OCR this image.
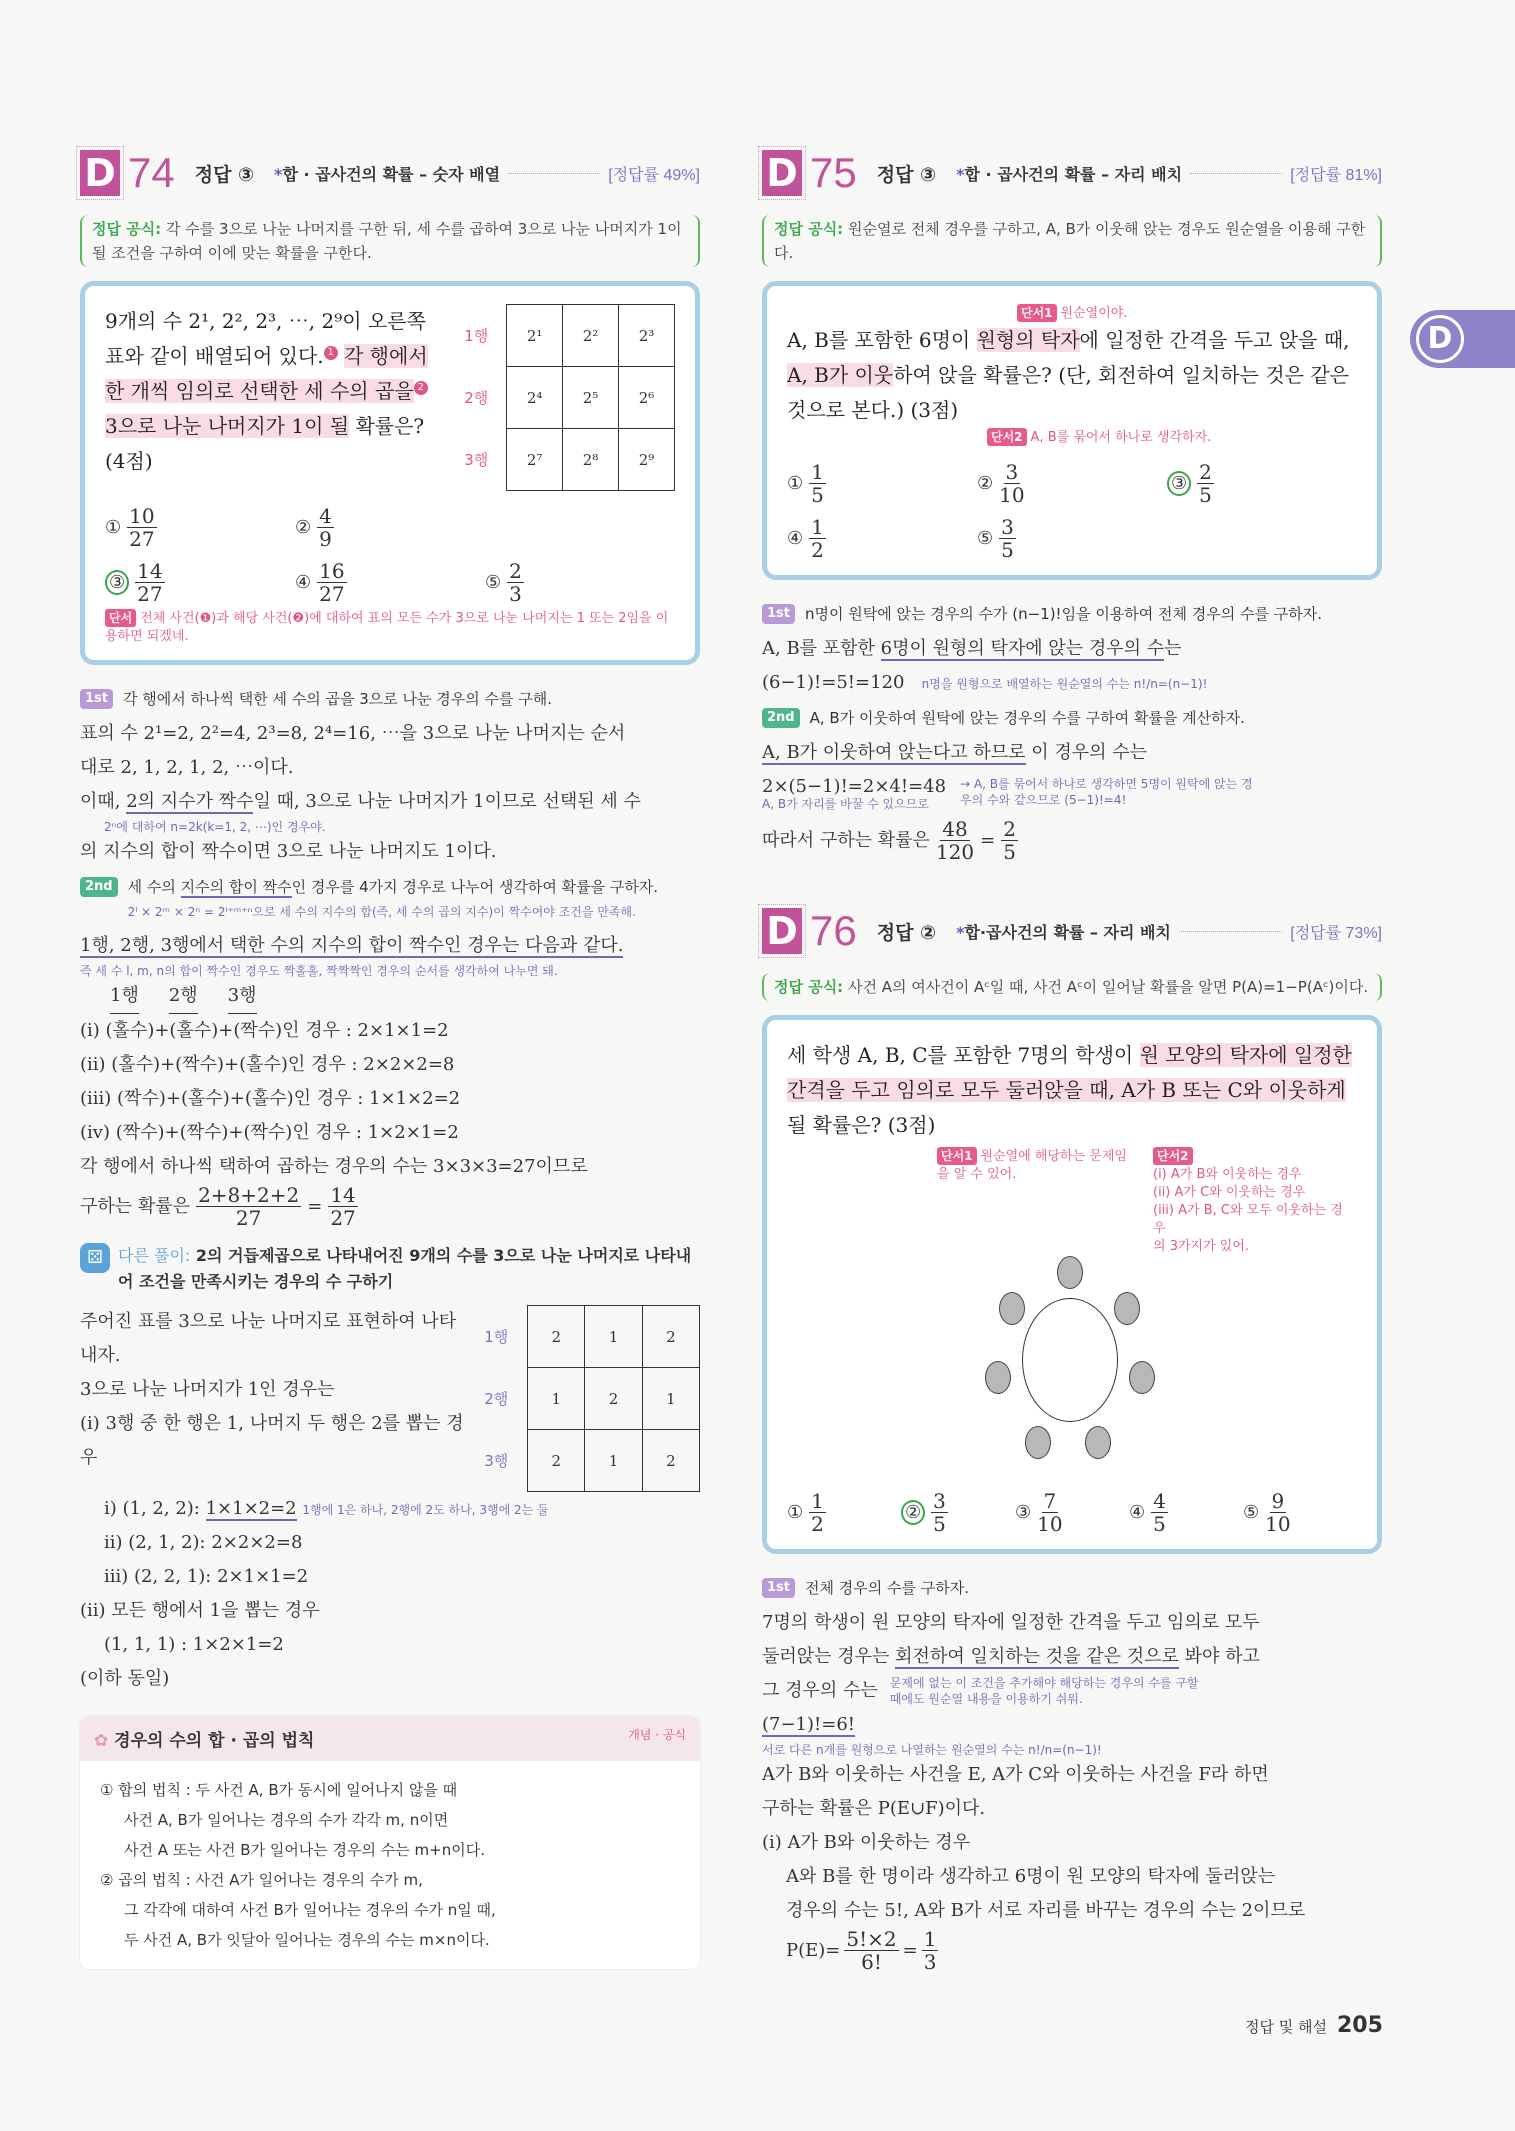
D 74 정답 ③ *합 · 곱사건의 확률 – 숫자 배열	[정답률 49%]
정답 공식: 각 수를 3으로 나눈 나머지를 구한 뒤, 세 수를 곱하여 3으로 나눈 나머지가 1이 될 조건을 구하여 이에 맞는 확률을 구한다.
9개의 수 2¹, 2², 2³, ⋯, 2⁹이 오른쪽 표와 같이 배열되어 있다. 1 각 행에서 한 개씩 임의로 선택한 세 수의 곱을 2 3으로 나눈 나머지가 1이 될 확률은? (4점)
1행	2¹	2²	2³
2행	2⁴	2⁵	2⁶
3행	2⁷	2⁸	2⁹
① $\frac{10}{27}$	② $\frac{4}{9}$
③ $\frac{14}{27}$	④ $\frac{16}{27}$	⑤ $\frac{2}{3}$
단서 전체 사건(❶)과 해당 사건(❷)에 대하여 표의 모든 수가 3으로 나눈 나머지는 1 또는 2임을 이용하면 되겠네.
1st	각 행에서 하나씩 택한 세 수의 곱을 3으로 나눈 경우의 수를 구해.
표의 수 2¹=2, 2²=4, 2³=8, 2⁴=16, ⋯을 3으로 나눈 나머지는 순서
대로 2, 1, 2, 1, 2, ⋯이다.
이때, 2의 지수가 짝수일 때, 3으로 나눈 나머지가 1이므로 선택된 세 수
2ⁿ에 대하여 n=2k(k=1, 2, ⋯)인 경우야.
의 지수의 합이 짝수이면 3으로 나눈 나머지도 1이다.
2nd	세 수의 지수의 합이 짝수인 경우를 4가지 경우로 나누어 생각하여 확률을 구하자.
2ˡ × 2ᵐ × 2ⁿ = 2ˡ⁺ᵐ⁺ⁿ으로 세 수의 지수의 합(즉, 세 수의 곱의 지수)이 짝수여야 조건을 만족해.
1행, 2행, 3행에서 택한 수의 지수의 합이 짝수인 경우는 다음과 같다.
즉 세 수 l, m, n의 합이 짝수인 경우도 짝홀홀, 짝짝짝인 경우의 순서를 생각하여 나누면 돼.
1행 2행 3행
(i) (홀수)+(홀수)+(짝수)인 경우 : 2×1×1=2
(ii) (홀수)+(짝수)+(홀수)인 경우 : 2×2×2=8
(iii) (짝수)+(홀수)+(홀수)인 경우 : 1×1×2=2
(iv) (짝수)+(짝수)+(짝수)인 경우 : 1×2×1=2
각 행에서 하나씩 택하여 곱하는 경우의 수는 3×3×3=27이므로
구하는 확률은 $\frac{2+8+2+2}{27} = \frac{14}{27}$
⚄ 다른 풀이: 2의 거듭제곱으로 나타내어진 9개의 수를 3으로 나눈 나머지로 나타내어 조건을 만족시키는 경우의 수 구하기
주어진 표를 3으로 나눈 나머지로 표현하여 나타내자.
3으로 나눈 나머지가 1인 경우는
(i) 3행 중 한 행은 1, 나머지 두 행은 2를 뽑는 경우
1행	2	1	2
2행	1	2	1
3행	2	1	2
i) (1, 2, 2): 1×1×2=2 1행에 1은 하나, 2행에 2도 하나, 3행에 2는 둘
ii) (2, 1, 2): 2×2×2=8
iii) (2, 2, 1): 2×1×1=2
(ii) 모든 행에서 1을 뽑는 경우
(1, 1, 1) : 1×2×1=2
(이하 동일)
✿ 경우의 수의 합 · 곱의 법칙	개념 · 공식
① 합의 법칙 : 두 사건 A, B가 동시에 일어나지 않을 때
사건 A, B가 일어나는 경우의 수가 각각 m, n이면
사건 A 또는 사건 B가 일어나는 경우의 수는 m+n이다.
② 곱의 법칙 : 사건 A가 일어나는 경우의 수가 m,
그 각각에 대하여 사건 B가 일어나는 경우의 수가 n일 때,
두 사건 A, B가 잇달아 일어나는 경우의 수는 m×n이다.
D 75 정답 ③ *합 · 곱사건의 확률 – 자리 배치	[정답률 81%]
정답 공식: 원순열로 전체 경우를 구하고, A, B가 이웃해 앉는 경우도 원순열을 이용해 구한다.
단서1 원순열이야.
A, B를 포함한 6명이 원형의 탁자에 일정한 간격을 두고 앉을 때, A, B가 이웃하여 앉을 확률은? (단, 회전하여 일치하는 것은 같은 것으로 본다.) (3점)
단서2 A, B를 묶어서 하나로 생각하자.
① $\frac{1}{5}$	② $\frac{3}{10}$	③ $\frac{2}{5}$
④ $\frac{1}{2}$	⑤ $\frac{3}{5}$
1st	n명이 원탁에 앉는 경우의 수가 (n−1)!임을 이용하여 전체 경우의 수를 구하자.
A, B를 포함한 6명이 원형의 탁자에 앉는 경우의 수는
(6−1)!=5!=120 n명을 원형으로 배열하는 원순열의 수는 n!/n=(n−1)!
2nd	A, B가 이웃하여 원탁에 앉는 경우의 수를 구하여 확률을 계산하자.
A, B가 이웃하여 앉는다고 하므로 이 경우의 수는
2×(5−1)!=2×4!=48
A, B가 자리를 바꿀 수 있으므로
→ A, B를 묶어서 하나로 생각하면 5명이 원탁에 앉는 경우의 수와 같으므로 (5−1)!=4!
따라서 구하는 확률은 $\frac{48}{120} = \frac{2}{5}$
D 76 정답 ② *합·곱사건의 확률 – 자리 배치	[정답률 73%]
정답 공식: 사건 A의 여사건이 Aᶜ일 때, 사건 Aᶜ이 일어날 확률을 알면 P(A)=1−P(Aᶜ)이다.
세 학생 A, B, C를 포함한 7명의 학생이 원 모양의 탁자에 일정한 간격을 두고 임의로 모두 둘러앉을 때, A가 B 또는 C와 이웃하게 될 확률은? (3점)
단서1 원순열에 해당하는 문제임을 알 수 있어.
단서2
(i) A가 B와 이웃하는 경우
(ii) A가 C와 이웃하는 경우
(iii) A가 B, C와 모두 이웃하는 경우
의 3가지가 있어.
① $\frac{1}{2}$	② $\frac{3}{5}$	③ $\frac{7}{10}$	④ $\frac{4}{5}$	⑤ $\frac{9}{10}$
1st	전체 경우의 수를 구하자.
7명의 학생이 원 모양의 탁자에 일정한 간격을 두고 임의로 모두
둘러앉는 경우는 회전하여 일치하는 것을 같은 것으로 봐야 하고
그 경우의 수는 문제에 없는 이 조건을 추가해야 해당하는 경우의 수를 구할 때에도 원순열 내용을 이용하기 쉬워.
(7−1)!=6!
서로 다른 n개를 원형으로 나열하는 원순열의 수는 n!/n=(n−1)!
A가 B와 이웃하는 사건을 E, A가 C와 이웃하는 사건을 F라 하면
구하는 확률은 P(E∪F)이다.
(i) A가 B와 이웃하는 경우
A와 B를 한 명이라 생각하고 6명이 원 모양의 탁자에 둘러앉는
경우의 수는 5!, A와 B가 서로 자리를 바꾸는 경우의 수는 2이므로
$P(E)= \frac{5!\times 2}{6!} = \frac{1}{3}$
D
정답 및 해설 205
